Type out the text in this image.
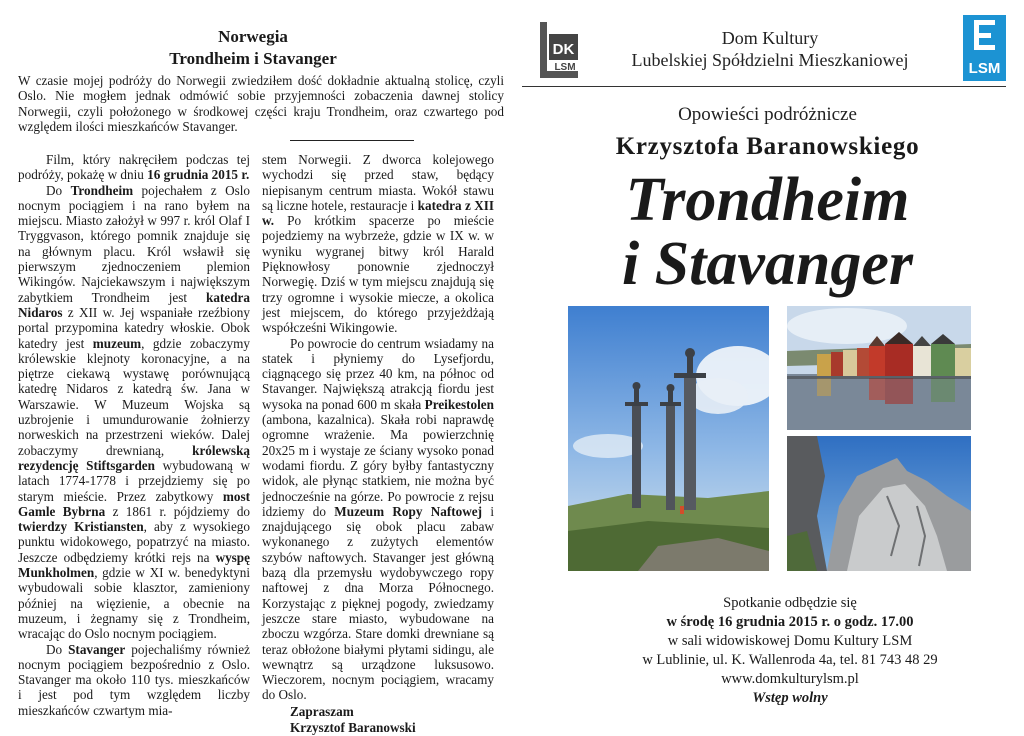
Norwegia
Trondheim i Stavanger
W czasie mojej podróży do Norwegii zwiedziłem dość dokładnie aktualną stolicę, czyli Oslo. Nie mogłem jednak odmówić sobie przyjemności zobaczenia dawnej stolicy Norwegii, czyli położonego w środkowej części kraju Trondheim, oraz czwartego pod względem ilości mieszkańców Stavanger.

Film, który nakręciłem podczas tej podróży, pokażę w dniu 16 grudnia 2015 r.

Do Trondheim pojechałem z Oslo nocnym pociągiem i na rano byłem na miejscu. Miasto założył w 997 r. król Olaf I Tryggvason, którego pomnik znajduje się na głównym placu. Król wsławił się pierwszym zjednoczeniem plemion Wikingów. Najciekawszym i największym zabytkiem Trondheim jest katedra Nidaros z XII w. Jej wspaniałe rzeźbiony portal przypomina katedry włoskie. Obok katedry jest muzeum, gdzie zobaczymy królewskie klejnoty koronacyjne, a na piętrze ciekawą wystawę porównującą katedrę Nidaros z katedrą św. Jana w Warszawie. W Muzeum Wojska są uzbrojenie i umundurowanie żołnierzy norweskich na przestrzeni wieków. Dalej zobaczymy drewnianą, królewską rezydencję Stiftsgarden wybudowaną w latach 1774-1778 i przejdziemy się po starym mieście. Przez zabytkowy most Gamle Bybrna z 1861 r. pójdziemy do twierdzy Kristiansten, aby z wysokiego punktu widokowego, popatrzyć na miasto. Jeszcze odbędziemy krótki rejs na wyspę Munkholmen, gdzie w XI w. benedyktyni wybudowali sobie klasztor, zamieniony później na więzienie, a obecnie na muzeum, i żegnamy się z Trondheim, wracając do Oslo nocnym pociągiem.

Do Stavanger pojechaliśmy również nocnym pociągiem bezpośrednio z Oslo. Stavanger ma około 110 tys. mieszkańców i jest pod tym względem liczby mieszkańców czwartym mia-

stem Norwegii. Z dworca kolejowego wychodzi się przed staw, będący niepisanym centrum miasta. Wokół stawu są liczne hotele, restauracje i katedra z XII w. Po krótkim spacerze po mieście pojedziemy na wybrzeże, gdzie w IX w. w wyniku wygranej bitwy król Harald Pięknowłosy ponownie zjednoczył Norwegię. Dziś w tym miejscu znajdują się trzy ogromne i wysokie miecze, a okolica jest miejscem, do którego przyjeżdżają współcześni Wikingowie.

Po powrocie do centrum wsiadamy na statek i płyniemy do Lysefjordu, ciągnącego się przez 40 km, na północ od Stavanger. Największą atrakcją fiordu jest wysoka na ponad 600 m skała Preikestolen (ambona, kazalnica). Skała robi naprawdę ogromne wrażenie. Ma powierzchnię 20x25 m i wystaje ze ściany wysoko ponad wodami fiordu. Z góry byłby fantastyczny widok, ale płynąc statkiem, nie można być jednocześnie na górze. Po powrocie z rejsu idziemy do Muzeum Ropy Naftowej i znajdującego się obok placu zabaw wykonanego z zużytych elementów szybów naftowych. Stavanger jest główną bazą dla przemysłu wydobywczego ropy naftowej z dna Morza Północnego. Korzystając z pięknej pogody, zwiedzamy jeszcze stare miasto, wybudowane na zboczu wzgórza. Stare domki drewniane są teraz obłożone białymi płytami sidingu, ale wewnątrz są urządzone luksusowo. Wieczorem, nocnym pociągiem, wracamy do Oslo.

Zapraszam
Krzysztof Baranowski
DK
LSM
Dom Kultury
Lubelskiej Spółdzielni Mieszkaniowej	LSM
Opowieści podróżnicze
Krzysztofa Baranowskiego
Trondheim
i Stavanger
Spotkanie odbędzie się
w środę 16 grudnia 2015 r. o godz. 17.00
w sali widowiskowej Domu Kultury LSM
w Lublinie, ul. K. Wallenroda 4a, tel. 81 743 48 29
www.domkulturylsm.pl
Wstęp wolny
